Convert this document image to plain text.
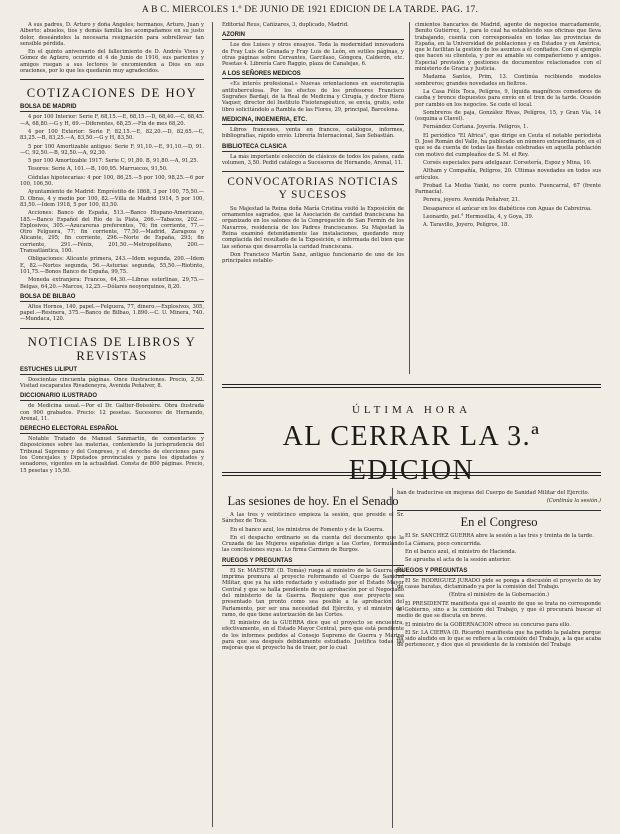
A B C. MIERCOLES 1.º DE JUNIO DE 1921 EDICION DE LA TARDE. PAG. 17.

A sus padres, D. Arturo y doña Angeles; hermanos, Arturo, Juan y Alberto; abuelos, tíos y demás familia les acompañamos en su justo dolor, deseándoles la necesaria resignación para sobrellevar tan sensible pérdida.

En el quinto aniversario del fallecimiento de D. Andrés Vives y Gómez de Agüero, ocurrido el 4 de Junio de 1916, sus parientes y amigos ruegan a sus lectores le encomienden a Dios en sus oraciones, por lo que les quedarán muy agradecidos.

COTIZACIONES DE HOY
BOLSA DE MADRID

4 por 100 Interior: Serie F, 68,15.—E, 68,15.—D, 68,40.—C, 68,45.—A, 68,80.—G y H, 69.—Diferentes, 68,25.—Fin de mes 68,20.

4 por 100 Exterior: Serie F, 82,15.—E, 82,20.—D, 82,65.—C, 83,25.—B, 83,25.—A, 83,50.—G y H, 83,50.

5 por 100 Amortizable antiguo: Serie F, 91,10.—E, 91,10.—D, 91.—C, 92,50.—B, 92,50.—A, 92,30.

5 por 100 Amortizable 1917: Serie C, 91,80. B, 91,80.—A, 91,25.

Tesoros: Serie A, 101.—B, 100,95. Marruecos, 91,50.

Cédulas hipotecarias: 4 por 100, 86,25.—5 por 100, 98,25.—6 por 100, 106,50.

Ayuntamiento de Madrid: Empréstito de 1868, 3 por 100, 75,50.—D. Obras, 4 y medio por 100, 82.—Villa de Madrid 1914, 5 por 100, 83,50.—Idem 1918, 5 por 100, 83,50.

Acciones: Banco de España, 513.—Banco Hispano-Americano, 185.—Banco Español del Río de la Plata, 266.—Tabacos, 202.—Explosivos, 305.—Azucareras preferentes, 76; fin corriente, 77.—Otro Felguera, 77; fin corriente, 77,50.—Madrid, Zaragoza y Alicante, 295; fin corriente, 296.—Norte de España, 293; fin corriente, 291.—Fénix, 201,50.—Metropolitano, 200.—Transatlántica, 100.

Obligaciones: Alicante primera, 243.—Idem segunda, 200.—Idem E, 82.—Nortes segunda, 56.—Asturias segunda, 55,50.—Riotinto, 101,75.—Bonos Banco de España, 99,75.

Moneda extranjera: Francos, 64,30.—Libras esterlinas, 29,75.—Belgas, 64,20.—Marcos, 12,25.—Dólares neoyorquinos, 8,20.

BOLSA DE BILBAO

Altos Hornos, 140, papel.—Felguera, 77, dinero.—Explosivos, 305, papel.—Resinera, 375.—Banco de Bilbao, 1.890.—C. U. Minera, 740.—Mundaca, 120.

NOTICIAS DE LIBROS Y REVISTAS
ESTUCHES LILIPUT

Doscientas cincuenta páginas. Once ilustraciones. Precio, 2,50. Visitad escaparates Rivadeneyra, Avenida Peñalver, 8.

DICCIONARIO ILUSTRADO

de Medicina usual.—Por el Dr. Galtier-Boissière. Obra ilustrada con 900 grabados. Precio: 12 pesetas. Sucesores de Hernando, Arenal, 11.

DERECHO ELECTORAL ESPAÑOL

Notable Tratado de Manuel Sanmartín, de comentarios y disposiciones sobre las materias, conteniendo la jurisprudencia del Tribunal Supremo y del Congreso, y el derecho de elecciones para los Concejales y Diputados provinciales y para los diputados y senadores, vigentes en la actualidad. Consta de 800 páginas. Precio, 15 pesetas y 15,50.

Editorial Reus, Cañizares, 3, duplicado, Madrid.

AZORIN

Los dos Luises y otros ensayos. Toda la modernidad innovadora de Fray Luis de Granada y Fray Luis de León, en sutiles páginas, y otras páginas sobre Cervantes, Garcilaso, Góngora, Calderón, etc. Pesetas 4. Librería Caro Raggio, plaza de Canalejas, 6.

A LOS SEÑORES MEDICOS

«Es interés profesional.» Nuevas orientaciones en sueroterapia antituberculosa. Por los efectos de los profesores Francisco Sugrañes Bardají, de la Real de Medicina y Cirugía, y doctor Riera Vaquer, director del Instituto Fisioterapéutico, se envía, gratis, este libro solicitándolo a Rambla de las Flores, 29, principal, Barcelona.

MEDICINA, INGENIERIA, ETC.

Libros franceses, venta en francos, catálogos, informes, bibliografías, rápido envío. Librería Internacional, San Sebastián.

BIBLIOTECA CLASICA

La más importante colección de clásicos de todos los países, cada volumen, 3,50. Pedid catálogo a Sucesores de Hernando, Arenal, 11.

CONVOCATORIAS NOTICIAS Y SUCESOS

Su Majestad la Reina doña María Cristina visitó la Exposición de ornamentos sagrados, que la Asociación de caridad franciscana ha organizado en los salones de la Congregación de San Fermín de los Navarros, residencia de los Padres franciscanos. Su Majestad la Reina examinó detenidamente las instalaciones, quedando muy complacida del resultado de la Exposición, e informada del bien que las señoras que desarrolla la caridad franciscana.

Don Francisco Martín Sanz, antiguo funcionario de uno de los principales estable-

cimientos bancarios de Madrid, agente de negocios marcadamente, Benito Gutiérrez, 1, para lo cual ha establecido sus oficinas que lleva trabajando, cuenta con corresponsales en todas las provincias de España, en la Universidad de poblaciones y en Estados y en América, que le facilitan la gestión de los asuntos a él confiados. Con el ejemplo que hacen su clientela, y por su amable su compañerismo y amigos. Especial previsión y gestiones de documentos relacionados con el ministerio de Gracia y Justicia.

Madama Santos, Prim, 13. Continúa recibiendo modelos sombreros; grandes novedades en fieltros.

La Casa Félix Toca, Pelígros, 9, liquida magníficos comedores de caoba y bronce dispuestos para envío en el tren de la tarde. Ocasión por cambio en los negocios. Se cede el local.

Sombreros de paja, González Rivas, Pelígros, 15, y Gran Vía, 14 (esquina a Clavel).

Fernández Cortana. Joyería. Pelígros, 1.

El periódico "El Africa", que dirige en Ceuta el notable periodista D. José Román del Valle, ha publicado un número extraordinario, en el que se da cuenta de todas las fiestas celebradas en aquella población con motivo del cumpleaños de S. M. el Rey.

Corsés especiales para adelgazar. Corsetería, Espoz y Mina, 10.

Altham y Compañía, Pelígros, 20. Ultimas novedades en todos sus artículos.

Probad La Media Yanki, no corre punto. Fuencarral, 67 (frente Parmacia).

Perera, joyero. Avenida Peñalver, 21.

Desaparece el azúcar en los diabéticos con Aguas de Cabreiroa.

Leonardo, pel.° Hermosilla, 4, y Goya, 39.

A. Taravillo, Joyero, Pelígros, 18.

ÚLTIMA HORA
AL CERRAR LA 3.ª EDICION
Las sesiones de hoy. En el Senado

A las tres y veinticinco empieza la sesión, que preside el Sr. Sánchez de Toca.

En el banco azul, los ministros de Fomento y de la Guerra.

En el despacho ordinario se da cuenta del documento que la Cruzada de las Mujeres españolas dirige a las Cortes, formulando las conclusiones suyas. Lo firma Carmen de Burgos.

RUEGOS Y PREGUNTAS

El Sr. MAESTRE (D. Tomás) ruega al ministro de la Guerra que imprima premura al proyecto reformando el Cuerpo de Sanidad Militar, que ya ha sido redactado y estudiado por el Estado Mayor Central y que se halla pendiente de su aprobación por el Negociado del ministerio de la Guerra. Requiere que ese proyecto sea presentado tan pronto como sea posible a la aprobación del Parlamento, por ser una necesidad del Ejército, y el ministro del ramo, de que tiene autorización de las Cortes.

El ministro de la GUERRA dice que el proyecto se encuentra, efectivamente, en el Estado Mayor Central, pero que está pendiente de los informes pedidos al Consejo Supremo de Guerra y Marina para que sea después debidamente estudiado. Justifica todas las mejoras que el proyecto ha de traer, por lo cual

han de traducirse en mejoras del Cuerpo de Sanidad Militar del Ejército.

(Continúa la sesión.)

En el Congreso

El Sr. SANCHEZ GUERRA abre la sesión a las tres y treinta de la tarde.

La Cámara, poco concurrida.

En el banco azul, el ministro de Hacienda.

Se aprueba el acta de la sesión anterior.

RUEGOS Y PREGUNTAS

El Sr. RODRIGUEZ JURADO pide se ponga a discusión el proyecto de ley de casas baratas, dictaminado ya por la comisión del Trabajo.

(Entra el ministro de la Gobernación.)

El PRESIDENTE manifiesta que el asunto de que se trata no corresponde al Gobierno, sino a la comisión del Trabajo, y que él procurará buscar el medio de que se discuta en breve.

El ministro de la GOBERNACION ofrece su concurso para ello.

El Sr. LA CIERVA (D. Ricardo) manifiesta que ha pedido la palabra porque ha sido aludido en lo que se refiere a la comisión del Trabajo, a la que acaba de pertenecer, y dice que el presidente de la comisión del Trabajo
